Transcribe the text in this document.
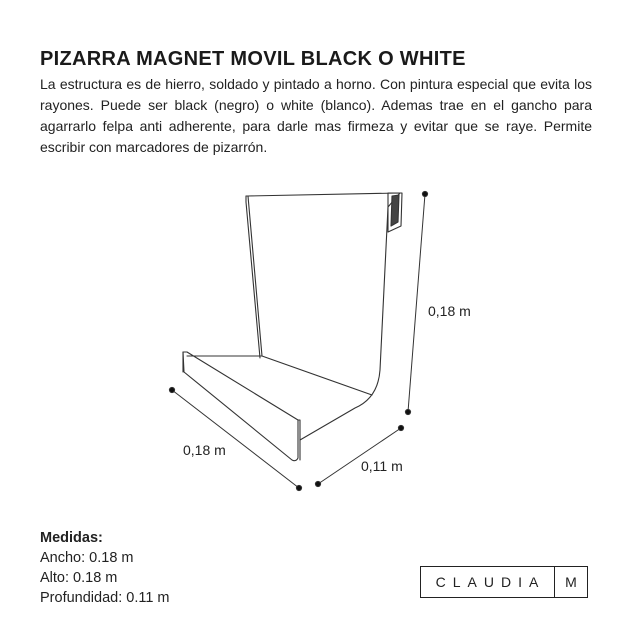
PIZARRA MAGNET MOVIL BLACK O WHITE
La estructura es de hierro, soldado y pintado a horno. Con pintura especial que evita los rayones. Puede ser black (negro) o white (blanco). Ademas trae en el gancho para agarrarlo felpa anti adherente, para darle mas firmeza y evitar que se raye. Permite escribir con marcadores de pizarrón.
0,18 m
0,18 m
0,11 m
Medidas:
Ancho: 0.18 m
Alto: 0.18 m
Profundidad: 0.11 m
CLAUDIA	M
